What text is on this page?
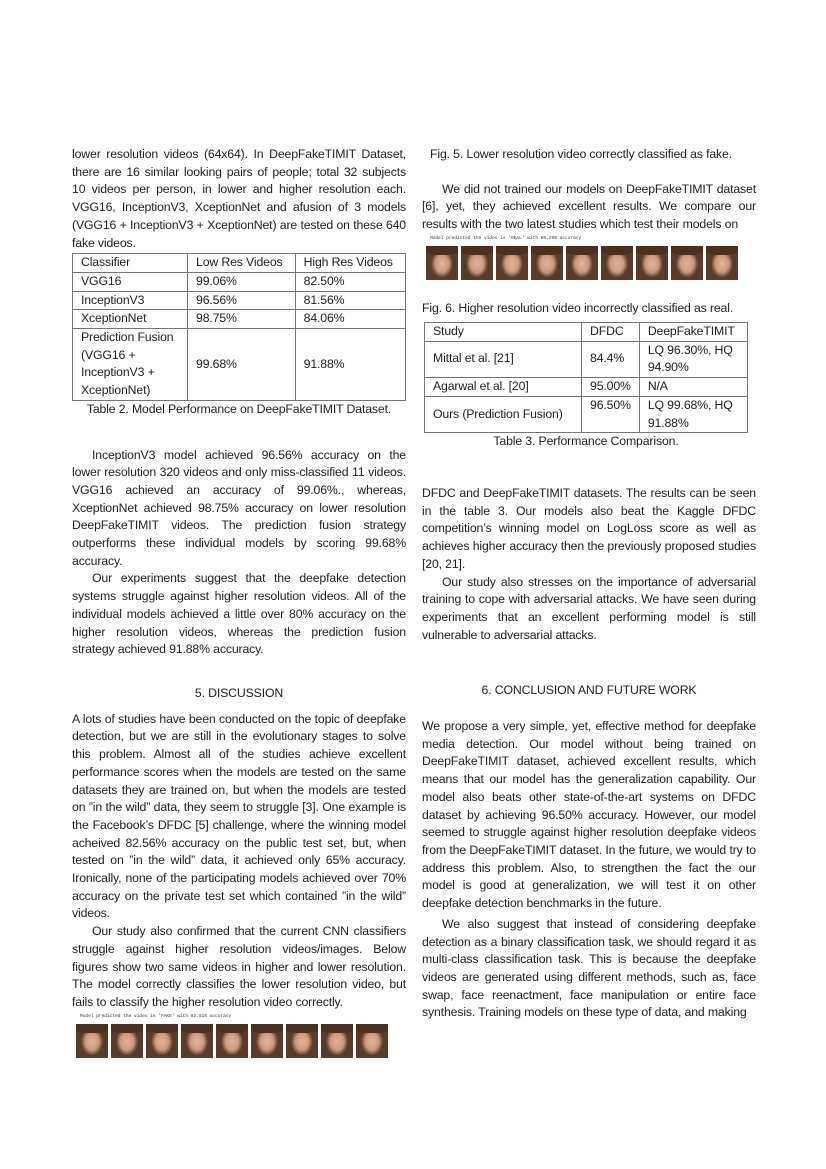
lower resolution videos (64x64). In DeepFakeTIMIT Dataset, there are 16 similar looking pairs of people; total 32 subjects 10 videos per person, in lower and higher resolution each. VGG16, InceptionV3, XceptionNet and afusion of 3 models (VGG16 + InceptionV3 + XceptionNet) are tested on these 640 fake videos.

Classifier	Low Res Videos	High Res Videos
VGG16	99.06%	82.50%
InceptionV3	96.56%	81.56%
XceptionNet	98.75%	84.06%
Prediction Fusion (VGG16 + InceptionV3 + XceptionNet)	99.68%	91.88%
Table 2. Model Performance on DeepFakeTIMIT Dataset.

InceptionV3 model achieved 96.56% accuracy on the lower resolution 320 videos and only miss-classified 11 videos. VGG16 achieved an accuracy of 99.06%., whereas, XceptionNet achieved 98.75% accuracy on lower resolution DeepFakeTIMIT videos. The prediction fusion strategy outperforms these individual models by scoring 99.68% accuracy.

Our experiments suggest that the deepfake detection systems struggle against higher resolution videos. All of the individual models achieved a little over 80% accuracy on the higher resolution videos, whereas the prediction fusion strategy achieved 91.88% accuracy.

5. DISCUSSION

A lots of studies have been conducted on the topic of deepfake detection, but we are still in the evolutionary stages to solve this problem. Almost all of the studies achieve excellent performance scores when the models are tested on the same datasets they are trained on, but when the models are tested on ”in the wild” data, they seem to struggle [3]. One example is the Facebook’s DFDC [5] challenge, where the winning model acheived 82.56% accuracy on the public test set, but, when tested on ”in the wild” data, it achieved only 65% accuracy. Ironically, none of the participating models achieved over 70% accuracy on the private test set which contained ”in the wild” videos.

Our study also confirmed that the current CNN classifiers struggle against higher resolution videos/images. Below figures show two same videos in higher and lower resolution. The model correctly classifies the lower resolution video, but fails to classify the higher resolution video correctly.

Model predicted the video is 'FAKE' with 83.51% accuracy
Fig. 5. Lower resolution video correctly classified as fake.
We did not trained our models on DeepFakeTIMIT dataset [6], yet, they achieved excellent results. We compare our results with the two latest studies which test their models on
Model predicted the video is 'REAL' with 65.29% accuracy
Fig. 6. Higher resolution video incorrectly classified as real.
Study	DFDC	DeepFakeTIMIT
Mittal et al. [21]	84.4%	LQ 96.30%, HQ 94.90%
Agarwal et al. [20]	95.00%	N/A
Ours (Prediction Fusion)	96.50%	LQ 99.68%, HQ 91.88%
Table 3. Performance Comparison.

DFDC and DeepFakeTIMIT datasets. The results can be seen in the table 3. Our models also beat the Kaggle DFDC competition’s winning model on LogLoss score as well as achieves higher accuracy then the previously proposed studies [20, 21].

Our study also stresses on the importance of adversarial training to cope with adversarial attacks. We have seen during experiments that an excellent performing model is still vulnerable to adversarial attacks.

6. CONCLUSION AND FUTURE WORK

We propose a very simple, yet, effective method for deepfake media detection. Our model without being trained on DeepFakeTIMIT dataset, achieved excellent results, which means that our model has the generalization capability. Our model also beats other state-of-the-art systems on DFDC dataset by achieving 96.50% accuracy. However, our model seemed to struggle against higher resolution deepfake videos from the DeepFakeTIMIT dataset. In the future, we would try to address this problem. Also, to strengthen the fact the our model is good at generalization, we will test it on other deepfake detection benchmarks in the future.

We also suggest that instead of considering deepfake detection as a binary classification task, we should regard it as multi-class classification task. This is because the deepfake videos are generated using different methods, such as, face swap, face reenactment, face manipulation or entire face synthesis. Training models on these type of data, and making
